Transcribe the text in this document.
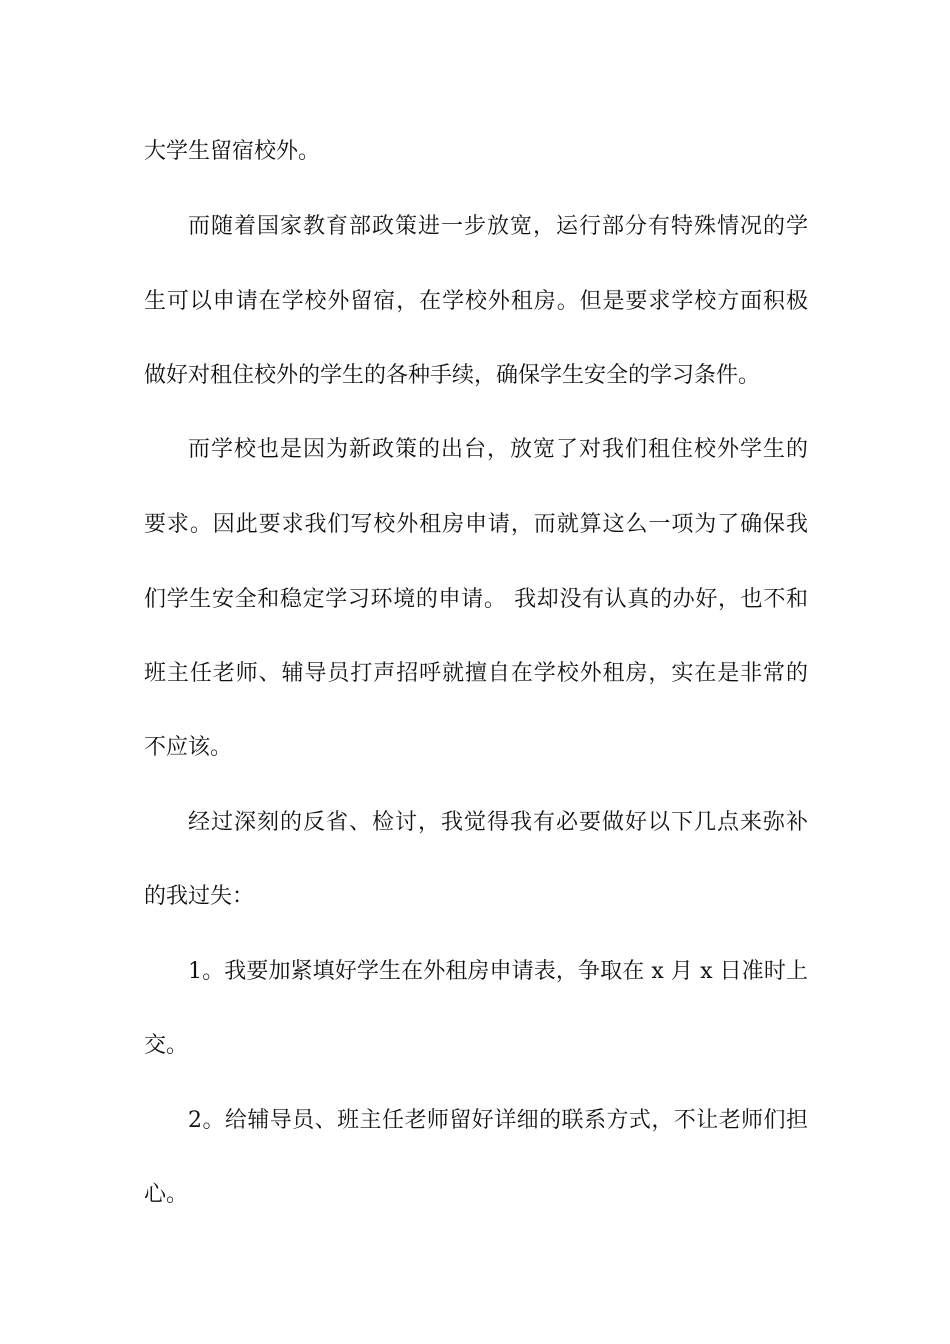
大学生留宿校外。
而随着国家教育部政策进一步放宽，运行部分有特殊情况的学
生可以申请在学校外留宿，在学校外租房。但是要求学校方面积极
做好对租住校外的学生的各种手续，确保学生安全的学习条件。
而学校也是因为新政策的出台，放宽了对我们租住校外学生的
要求。因此要求我们写校外租房申请，而就算这么一项为了确保我
们学生安全和稳定学习环境的申请。 我却没有认真的办好，也不和
班主任老师、辅导员打声招呼就擅自在学校外租房，实在是非常的
不应该。
经过深刻的反省、检讨，我觉得我有必要做好以下几点来弥补
的我过失：
1。我要加紧填好学生在外租房申请表，争取在 x 月 x 日准时上
交。
2。给辅导员、班主任老师留好详细的联系方式，不让老师们担
心。
